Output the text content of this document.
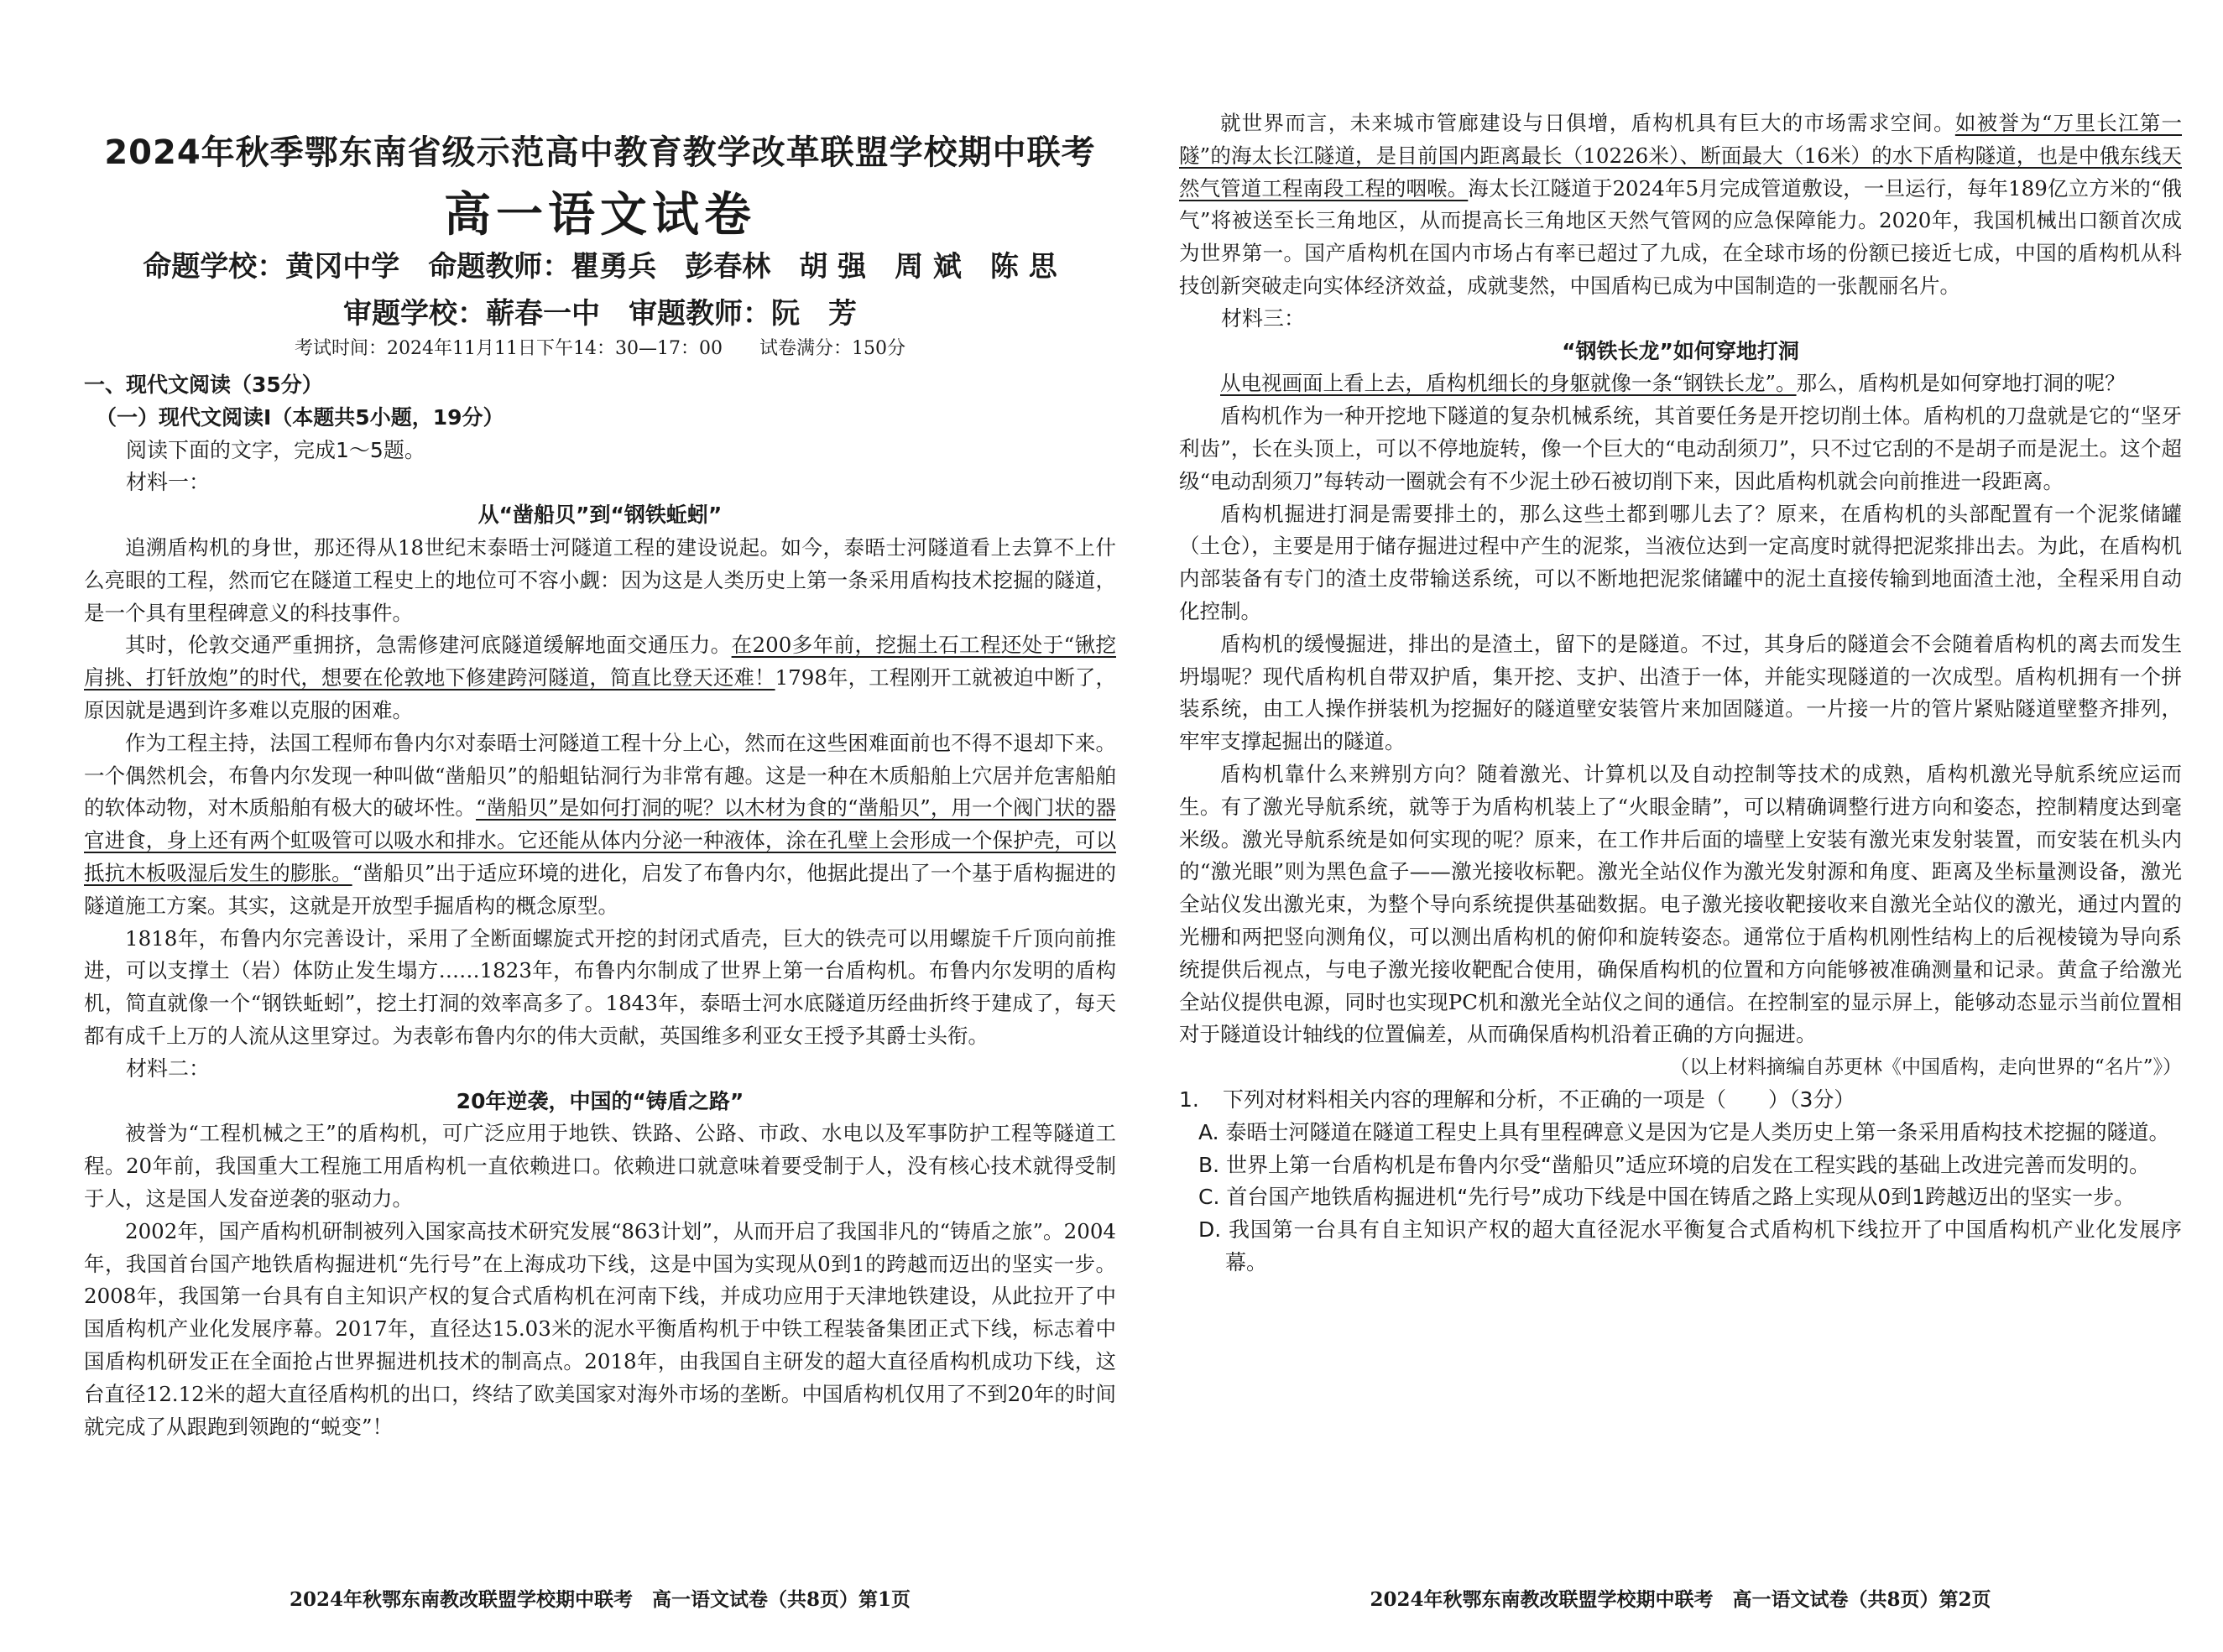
2024年秋季鄂东南省级示范高中教育教学改革联盟学校期中联考
高一语文试卷
命题学校：黄冈中学　命题教师：瞿勇兵　彭春林　胡 强　周 斌　陈 思
审题学校：蕲春一中　审题教师：阮　芳
考试时间：2024年11月11日下午14：30—17：00　　试卷满分：150分

一、现代文阅读（35分）

（一）现代文阅读Ⅰ（本题共5小题，19分）

阅读下面的文字，完成1～5题。

材料一：

从“凿船贝”到“钢铁蚯蚓”

追溯盾构机的身世，那还得从18世纪末泰晤士河隧道工程的建设说起。如今，泰晤士河隧道看上去算不上什么亮眼的工程，然而它在隧道工程史上的地位可不容小觑：因为这是人类历史上第一条采用盾构技术挖掘的隧道，是一个具有里程碑意义的科技事件。

其时，伦敦交通严重拥挤，急需修建河底隧道缓解地面交通压力。在200多年前，挖掘土石工程还处于“锹挖肩挑、打钎放炮”的时代，想要在伦敦地下修建跨河隧道，简直比登天还难！1798年，工程刚开工就被迫中断了，原因就是遇到许多难以克服的困难。

作为工程主持，法国工程师布鲁内尔对泰晤士河隧道工程十分上心，然而在这些困难面前也不得不退却下来。一个偶然机会，布鲁内尔发现一种叫做“凿船贝”的船蛆钻洞行为非常有趣。这是一种在木质船舶上穴居并危害船舶的软体动物，对木质船舶有极大的破坏性。“凿船贝”是如何打洞的呢？以木材为食的“凿船贝”，用一个阀门状的器官进食，身上还有两个虹吸管可以吸水和排水。它还能从体内分泌一种液体，涂在孔壁上会形成一个保护壳，可以抵抗木板吸湿后发生的膨胀。“凿船贝”出于适应环境的进化，启发了布鲁内尔，他据此提出了一个基于盾构掘进的隧道施工方案。其实，这就是开放型手掘盾构的概念原型。

1818年，布鲁内尔完善设计，采用了全断面螺旋式开挖的封闭式盾壳，巨大的铁壳可以用螺旋千斤顶向前推进，可以支撑土（岩）体防止发生塌方……1823年，布鲁内尔制成了世界上第一台盾构机。布鲁内尔发明的盾构机，简直就像一个“钢铁蚯蚓”，挖土打洞的效率高多了。1843年，泰晤士河水底隧道历经曲折终于建成了，每天都有成千上万的人流从这里穿过。为表彰布鲁内尔的伟大贡献，英国维多利亚女王授予其爵士头衔。

材料二：

20年逆袭，中国的“铸盾之路”

被誉为“工程机械之王”的盾构机，可广泛应用于地铁、铁路、公路、市政、水电以及军事防护工程等隧道工程。20年前，我国重大工程施工用盾构机一直依赖进口。依赖进口就意味着要受制于人，没有核心技术就得受制于人，这是国人发奋逆袭的驱动力。

2002年，国产盾构机研制被列入国家高技术研究发展“863计划”，从而开启了我国非凡的“铸盾之旅”。2004年，我国首台国产地铁盾构掘进机“先行号”在上海成功下线，这是中国为实现从0到1的跨越而迈出的坚实一步。2008年，我国第一台具有自主知识产权的复合式盾构机在河南下线，并成功应用于天津地铁建设，从此拉开了中国盾构机产业化发展序幕。2017年，直径达15.03米的泥水平衡盾构机于中铁工程装备集团正式下线，标志着中国盾构机研发正在全面抢占世界掘进机技术的制高点。2018年，由我国自主研发的超大直径盾构机成功下线，这台直径12.12米的超大直径盾构机的出口，终结了欧美国家对海外市场的垄断。中国盾构机仅用了不到20年的时间就完成了从跟跑到领跑的“蜕变”！

2024年秋鄂东南教改联盟学校期中联考　高一语文试卷（共8页）第1页

就世界而言，未来城市管廊建设与日俱增，盾构机具有巨大的市场需求空间。如被誉为“万里长江第一隧”的海太长江隧道，是目前国内距离最长（10226米）、断面最大（16米）的水下盾构隧道，也是中俄东线天然气管道工程南段工程的咽喉。海太长江隧道于2024年5月完成管道敷设，一旦运行，每年189亿立方米的“俄气”将被送至长三角地区，从而提高长三角地区天然气管网的应急保障能力。2020年，我国机械出口额首次成为世界第一。国产盾构机在国内市场占有率已超过了九成，在全球市场的份额已接近七成，中国的盾构机从科技创新突破走向实体经济效益，成就斐然，中国盾构已成为中国制造的一张靓丽名片。

材料三：

“钢铁长龙”如何穿地打洞

从电视画面上看上去，盾构机细长的身躯就像一条“钢铁长龙”。那么，盾构机是如何穿地打洞的呢？

盾构机作为一种开挖地下隧道的复杂机械系统，其首要任务是开挖切削土体。盾构机的刀盘就是它的“坚牙利齿”，长在头顶上，可以不停地旋转，像一个巨大的“电动刮须刀”，只不过它刮的不是胡子而是泥土。这个超级“电动刮须刀”每转动一圈就会有不少泥土砂石被切削下来，因此盾构机就会向前推进一段距离。

盾构机掘进打洞是需要排土的，那么这些土都到哪儿去了？原来，在盾构机的头部配置有一个泥浆储罐（土仓），主要是用于储存掘进过程中产生的泥浆，当液位达到一定高度时就得把泥浆排出去。为此，在盾构机内部装备有专门的渣土皮带输送系统，可以不断地把泥浆储罐中的泥土直接传输到地面渣土池，全程采用自动化控制。

盾构机的缓慢掘进，排出的是渣土，留下的是隧道。不过，其身后的隧道会不会随着盾构机的离去而发生坍塌呢？现代盾构机自带双护盾，集开挖、支护、出渣于一体，并能实现隧道的一次成型。盾构机拥有一个拼装系统，由工人操作拼装机为挖掘好的隧道壁安装管片来加固隧道。一片接一片的管片紧贴隧道壁整齐排列，牢牢支撑起掘出的隧道。

盾构机靠什么来辨别方向？随着激光、计算机以及自动控制等技术的成熟，盾构机激光导航系统应运而生。有了激光导航系统，就等于为盾构机装上了“火眼金睛”，可以精确调整行进方向和姿态，控制精度达到毫米级。激光导航系统是如何实现的呢？原来，在工作井后面的墙壁上安装有激光束发射装置，而安装在机头内的“激光眼”则为黑色盒子——激光接收标靶。激光全站仪作为激光发射源和角度、距离及坐标量测设备，激光全站仪发出激光束，为整个导向系统提供基础数据。电子激光接收靶接收来自激光全站仪的激光，通过内置的光栅和两把竖向测角仪，可以测出盾构机的俯仰和旋转姿态。通常位于盾构机刚性结构上的后视棱镜为导向系统提供后视点，与电子激光接收靶配合使用，确保盾构机的位置和方向能够被准确测量和记录。黄盒子给激光全站仪提供电源，同时也实现PC机和激光全站仪之间的通信。在控制室的显示屏上，能够动态显示当前位置相对于隧道设计轴线的位置偏差，从而确保盾构机沿着正确的方向掘进。

（以上材料摘编自苏更林《中国盾构，走向世界的“名片”》）

1. 下列对材料相关内容的理解和分析，不正确的一项是（　　）（3分）

A. 泰晤士河隧道在隧道工程史上具有里程碑意义是因为它是人类历史上第一条采用盾构技术挖掘的隧道。

B. 世界上第一台盾构机是布鲁内尔受“凿船贝”适应环境的启发在工程实践的基础上改进完善而发明的。

C. 首台国产地铁盾构掘进机“先行号”成功下线是中国在铸盾之路上实现从0到1跨越迈出的坚实一步。

D. 我国第一台具有自主知识产权的超大直径泥水平衡复合式盾构机下线拉开了中国盾构机产业化发展序幕。

2024年秋鄂东南教改联盟学校期中联考　高一语文试卷（共8页）第2页
